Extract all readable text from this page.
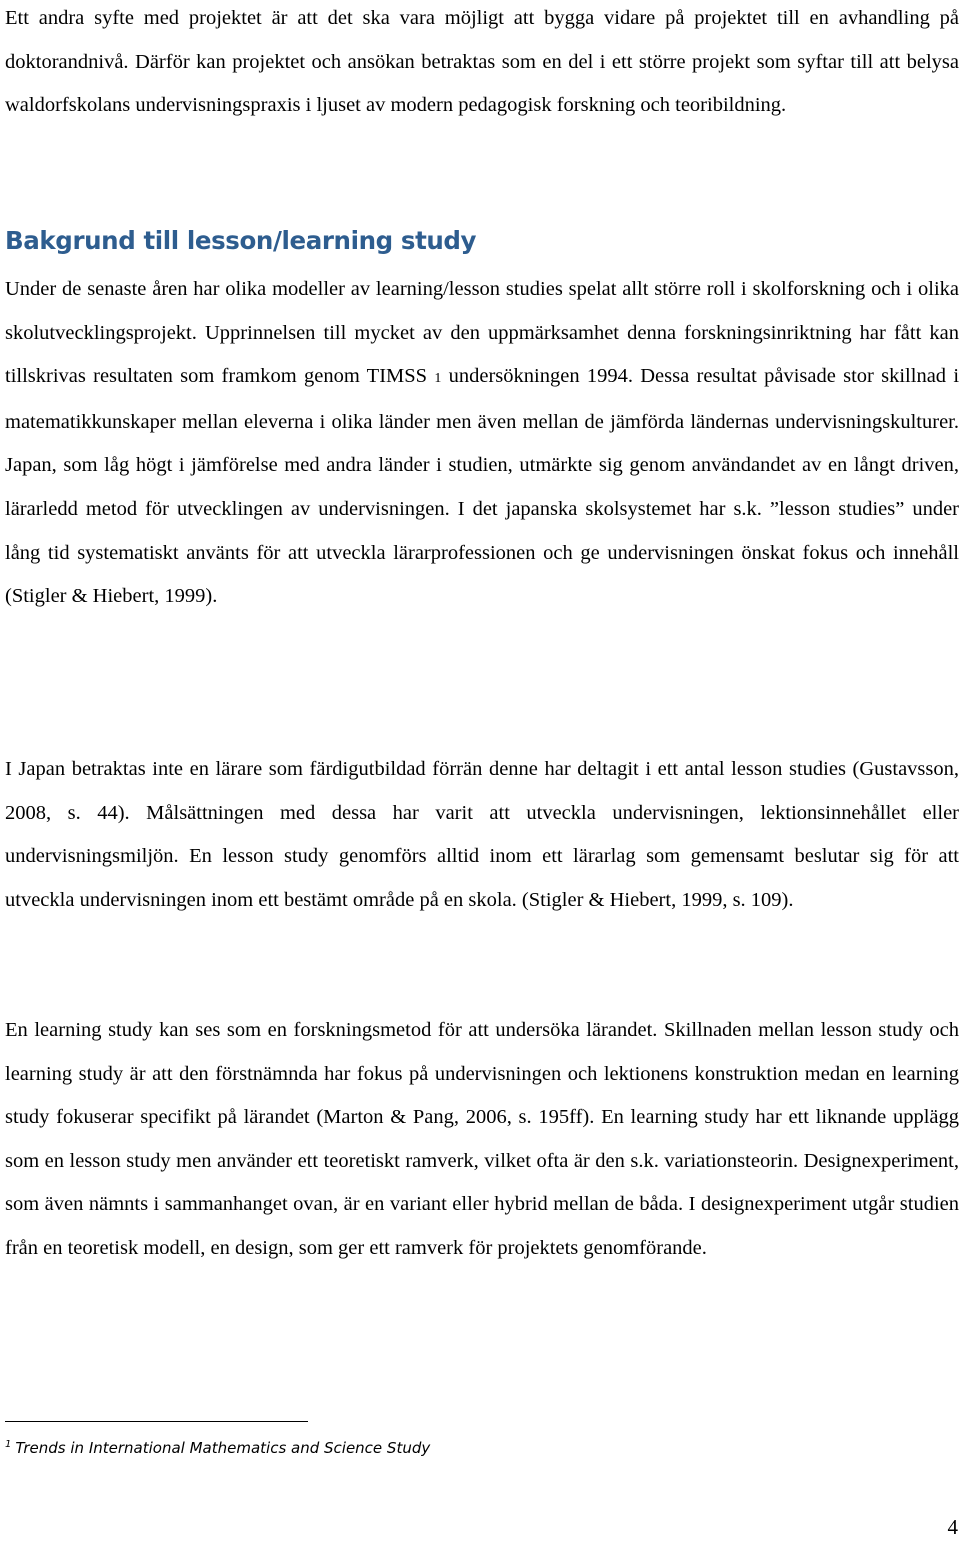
Ett andra syfte med projektet är att det ska vara möjligt att bygga vidare på projektet till en avhandling på doktorandnivå. Därför kan projektet och ansökan betraktas som en del i ett större projekt som syftar till att belysa waldorfskolans undervisningspraxis i ljuset av modern pedagogisk forskning och teoribildning.

Bakgrund till lesson/learning study

Under de senaste åren har olika modeller av learning/lesson studies spelat allt större roll i skolforskning och i olika skolutvecklingsprojekt. Upprinnelsen till mycket av den uppmärksamhet denna forskningsinriktning har fått kan tillskrivas resultaten som framkom genom TIMSS 1 undersökningen 1994. Dessa resultat påvisade stor skillnad i matematikkunskaper mellan eleverna i olika länder men även mellan de jämförda ländernas undervisningskulturer. Japan, som låg högt i jämförelse med andra länder i studien, utmärkte sig genom användandet av en långt driven, lärarledd metod för utvecklingen av undervisningen. I det japanska skolsystemet har s.k. ”lesson studies” under lång tid systematiskt använts för att utveckla lärarprofessionen och ge undervisningen önskat fokus och innehåll (Stigler & Hiebert, 1999).

I Japan betraktas inte en lärare som färdigutbildad förrän denne har deltagit i ett antal lesson studies (Gustavsson, 2008, s. 44). Målsättningen med dessa har varit att utveckla undervisningen, lektionsinnehållet eller undervisningsmiljön. En lesson study genomförs alltid inom ett lärarlag som gemensamt beslutar sig för att utveckla undervisningen inom ett bestämt område på en skola. (Stigler & Hiebert, 1999, s. 109).

En learning study kan ses som en forskningsmetod för att undersöka lärandet. Skillnaden mellan lesson study och learning study är att den förstnämnda har fokus på undervisningen och lektionens konstruktion medan en learning study fokuserar specifikt på lärandet (Marton & Pang, 2006, s. 195ff). En learning study har ett liknande upplägg som en lesson study men använder ett teoretiskt ramverk, vilket ofta är den s.k. variationsteorin. Designexperiment, som även nämnts i sammanhanget ovan, är en variant eller hybrid mellan de båda. I designexperiment utgår studien från en teoretisk modell, en design, som ger ett ramverk för projektets genomförande.

$^1$ Trends in International Mathematics and Science Study

4
